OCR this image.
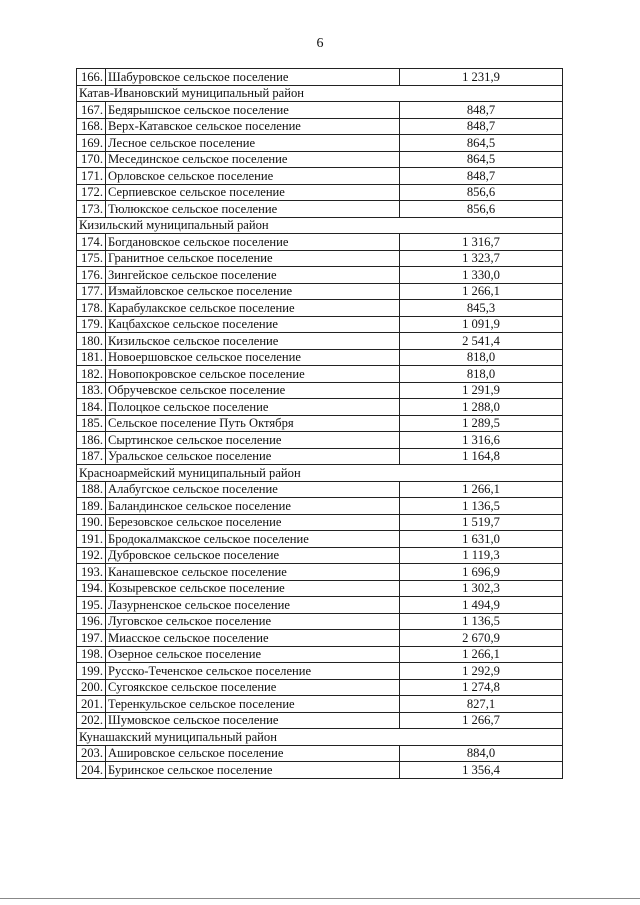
6
166.	Шабуровское сельское поселение	1 231,9
Катав-Ивановский муниципальный район		
167.	Бедярышское сельское поселение	848,7
168.	Верх-Катавское сельское поселение	848,7
169.	Лесное сельское поселение	864,5
170.	Месединское сельское поселение	864,5
171.	Орловское сельское поселение	848,7
172.	Серпиевское сельское поселение	856,6
173.	Тюлюкское сельское поселение	856,6
Кизильский муниципальный район		
174.	Богдановское сельское поселение	1 316,7
175.	Гранитное сельское поселение	1 323,7
176.	Зингейское сельское поселение	1 330,0
177.	Измайловское сельское поселение	1 266,1
178.	Карабулакское сельское поселение	845,3
179.	Кацбахское сельское поселение	1 091,9
180.	Кизильское сельское поселение	2 541,4
181.	Новоершовское сельское поселение	818,0
182.	Новопокровское сельское поселение	818,0
183.	Обручевское сельское поселение	1 291,9
184.	Полоцкое сельское поселение	1 288,0
185.	Сельское поселение Путь Октября	1 289,5
186.	Сыртинское сельское поселение	1 316,6
187.	Уральское сельское поселение	1 164,8
Красноармейский муниципальный район		
188.	Алабугское сельское поселение	1 266,1
189.	Баландинское сельское поселение	1 136,5
190.	Березовское сельское поселение	1 519,7
191.	Бродокалмакское сельское поселение	1 631,0
192.	Дубровское сельское поселение	1 119,3
193.	Канашевское сельское поселение	1 696,9
194.	Козыревское сельское поселение	1 302,3
195.	Лазурненское сельское поселение	1 494,9
196.	Луговское сельское поселение	1 136,5
197.	Миасское сельское поселение	2 670,9
198.	Озерное сельское поселение	1 266,1
199.	Русско-Теченское сельское поселение	1 292,9
200.	Сугоякское сельское поселение	1 274,8
201.	Теренкульское сельское поселение	827,1
202.	Шумовское сельское поселение	1 266,7
Кунашакский муниципальный район		
203.	Аширoвское сельское поселение	884,0
204.	Буринское сельское поселение	1 356,4
